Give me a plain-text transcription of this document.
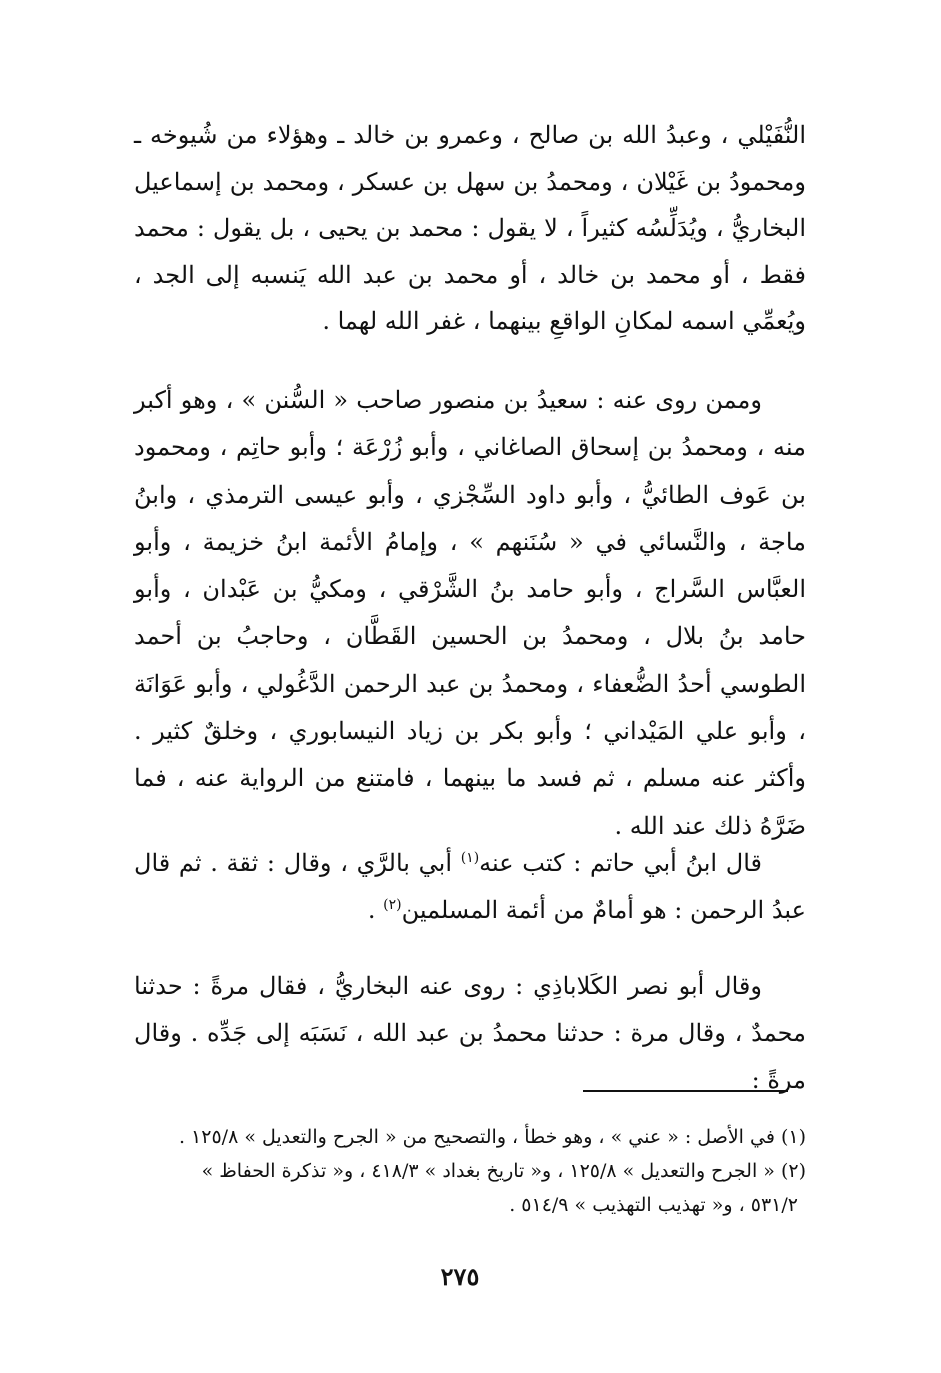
النُّفَيْلي ، وعبدُ الله بن صالح ، وعمرو بن خالد ـ وهؤلاء من شُيوخه ـ ومحمودُ بن غَيْلان ، ومحمدُ بن سهل بن عسكر ، ومحمد بن إسماعيل البخاريُّ ، ويُدَلِّسُه كثيراً ، لا يقول : محمد بن يحيى ، بل يقول : محمد فقط ، أو محمد بن خالد ، أو محمد بن عبد الله يَنسبه إلى الجد ، ويُعمِّي اسمه لمكانِ الواقعِ بينهما ، غفر الله لهما .

وممن روى عنه : سعيدُ بن منصور صاحب « السُّنن » ، وهو أكبر منه ، ومحمدُ بن إسحاق الصاغاني ، وأبو زُرْعَة ؛ وأبو حاتِم ، ومحمود بن عَوف الطائيُّ ، وأبو داود السِّجْزي ، وأبو عيسى الترمذي ، وابنُ ماجة ، والنَّسائي في « سُنَنهم » ، وإمامُ الأئمة ابنُ خزيمة ، وأبو العبَّاس السَّراج ، وأبو حامد بنُ الشَّرْقي ، ومكيُّ بن عَبْدان ، وأبو حامد بنُ بلال ، ومحمدُ بن الحسين القَطَّان ، وحاجبُ بن أحمد الطوسي أحدُ الضُّعفاء ، ومحمدُ بن عبد الرحمن الدَّغُولي ، وأبو عَوَانَة ، وأبو علي المَيْداني ؛ وأبو بكر بن زياد النيسابوري ، وخلقٌ كثير . وأكثر عنه مسلم ، ثم فسد ما بينهما ، فامتنع من الرواية عنه ، فما ضَرَّهُ ذلك عند الله .

قال ابنُ أبي حاتم : كتب عنه$^{(١)}$ أبي بالرَّي ، وقال : ثقة . ثم قال عبدُ الرحمن : هو أمامٌ من أئمة المسلمين$^{(٢)}$ .

وقال أبو نصر الكَلاباذِي : روى عنه البخاريُّ ، فقال مرةً : حدثنا محمدٌ ، وقال مرة : حدثنا محمدُ بن عبد الله ، نَسَبَه إلى جَدِّه . وقال مرةً :

(١) في الأصل : « عني » ، وهو خطأ ، والتصحيح من « الجرح والتعديل » ١٢٥/٨ .
(٢) « الجرح والتعديل » ١٢٥/٨ ، و« تاريخ بغداد » ٤١٨/٣ ، و« تذكرة الحفاظ »
٥٣١/٢ ، و« تهذيب التهذيب » ٥١٤/٩ .
٢٧٥
